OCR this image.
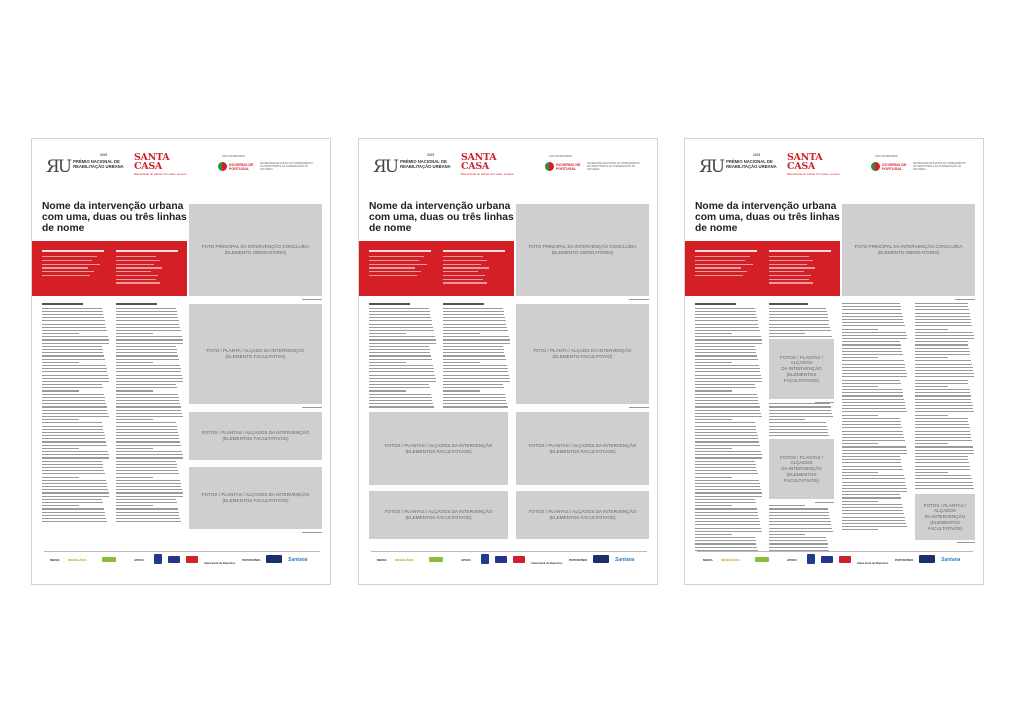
ЯU PRÉMIO NACIONAL DE
REABILITAÇÃO URBANA
2015	SANTA
CASA
Misericórdia de Lisboa. Por todos, sempre.
ALTO PATROCÍNIO
GOVERNO DE
PORTUGAL
SECRETARIA DE ESTADO DO ORDENAMENTO DO TERRITÓRIO E DA CONSERVAÇÃO DA NATUREZA
Nome da intervenção urbana com uma, duas ou três linhas de nome
FOTO PRINCIPAL DA INTERVENÇÃO CONCLUÍDA
(ELEMENTO OBRIGATÓRIO)
FOTO / PLANTA / ALÇADO DA INTERVENÇÃO
(ELEMENTO FACULTATIVO)
FOTOS / PLANTAS / ALÇADOS DA INTERVENÇÃO
(ELEMENTOS FACULTATIVOS)
FOTOS / PLANTAS / ALÇADOS DA INTERVENÇÃO
(ELEMENTOS FACULTATIVOS)
MEDIA	IMOBILIÁRIA	APOIO
Caixa Geral de Depósitos
PATROCÍNIO	Santana
ЯU PRÉMIO NACIONAL DE
REABILITAÇÃO URBANA
2015	SANTA
CASA
Misericórdia de Lisboa. Por todos, sempre.
ALTO PATROCÍNIO
GOVERNO DE
PORTUGAL
SECRETARIA DE ESTADO DO ORDENAMENTO DO TERRITÓRIO E DA CONSERVAÇÃO DA NATUREZA
Nome da intervenção urbana com uma, duas ou três linhas de nome
FOTO PRINCIPAL DA INTERVENÇÃO CONCLUÍDA
(ELEMENTO OBRIGATÓRIO)
FOTO / PLANTA / ALÇADO DA INTERVENÇÃO
(ELEMENTO FACULTATIVO)
FOTOS / PLANTAS / ALÇADOS DA INTERVENÇÃO
(ELEMENTOS FACULTATIVOS)
FOTOS / PLANTAS / ALÇADOS DA INTERVENÇÃO
(ELEMENTOS FACULTATIVOS)
FOTOS / PLANTAS / ALÇADOS DA INTERVENÇÃO
(ELEMENTOS FACULTATIVOS)
FOTOS / PLANTAS / ALÇADOS DA INTERVENÇÃO
(ELEMENTOS FACULTATIVOS)
MEDIA	IMOBILIÁRIA	APOIO
Caixa Geral de Depósitos
PATROCÍNIO	Santana
ЯU PRÉMIO NACIONAL DE
REABILITAÇÃO URBANA
2015	SANTA
CASA
Misericórdia de Lisboa. Por todos, sempre.
ALTO PATROCÍNIO
GOVERNO DE
PORTUGAL
SECRETARIA DE ESTADO DO ORDENAMENTO DO TERRITÓRIO E DA CONSERVAÇÃO DA NATUREZA
Nome da intervenção urbana com uma, duas ou três linhas de nome
FOTO PRINCIPAL DA INTERVENÇÃO CONCLUÍDA
(ELEMENTO OBRIGATÓRIO)
FOTOS / PLANTAS / ALÇADOS
DA INTERVENÇÃO
(ELEMENTOS FACULTATIVOS)
FOTOS / PLANTAS / ALÇADOS
DA INTERVENÇÃO
(ELEMENTOS FACULTATIVOS)
FOTOS / PLANTAS / ALÇADOS
DA INTERVENÇÃO
(ELEMENTOS FACULTATIVOS)
MEDIA	IMOBILIÁRIA	APOIO
Caixa Geral de Depósitos
PATROCÍNIO	Santana
